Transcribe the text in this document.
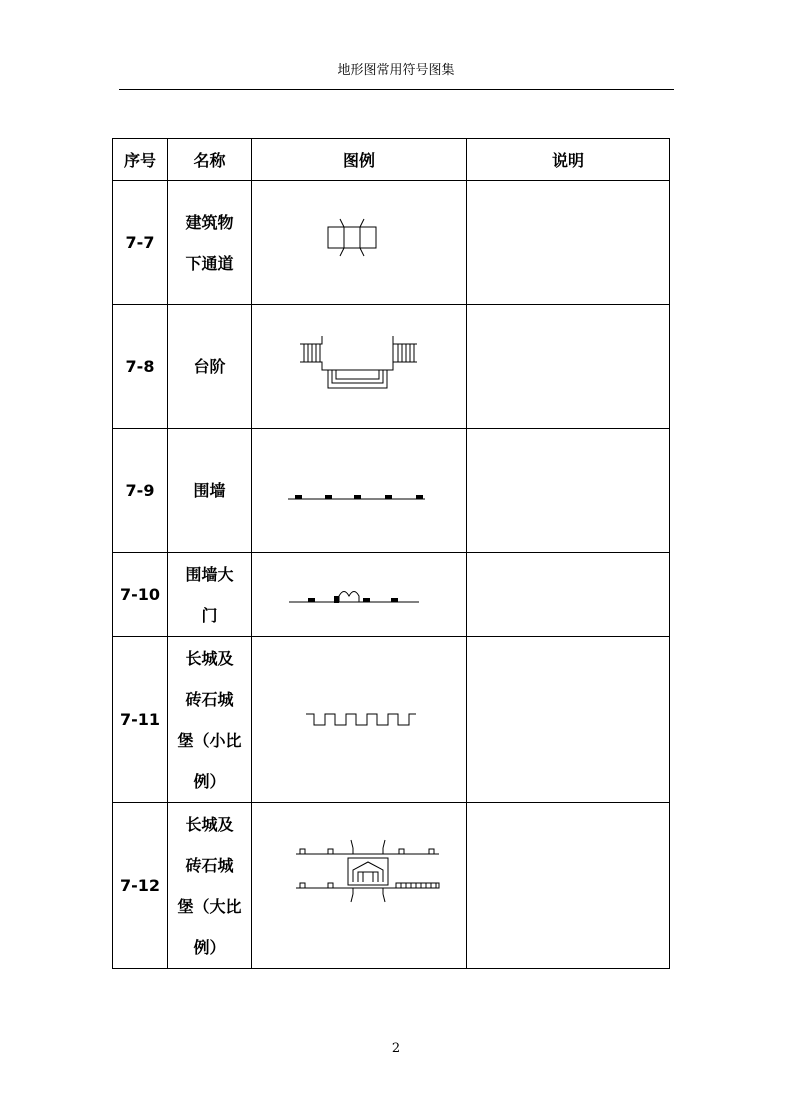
地形图常用符号图集
序号	名称	图例	说明
7-7	建筑物
下通道

7-8	台阶

7-9	围墙

7-10	围墙大
门

7-11	长城及
砖石城
堡（小比
例）

7-12	长城及
砖石城
堡（大比
例）

2
